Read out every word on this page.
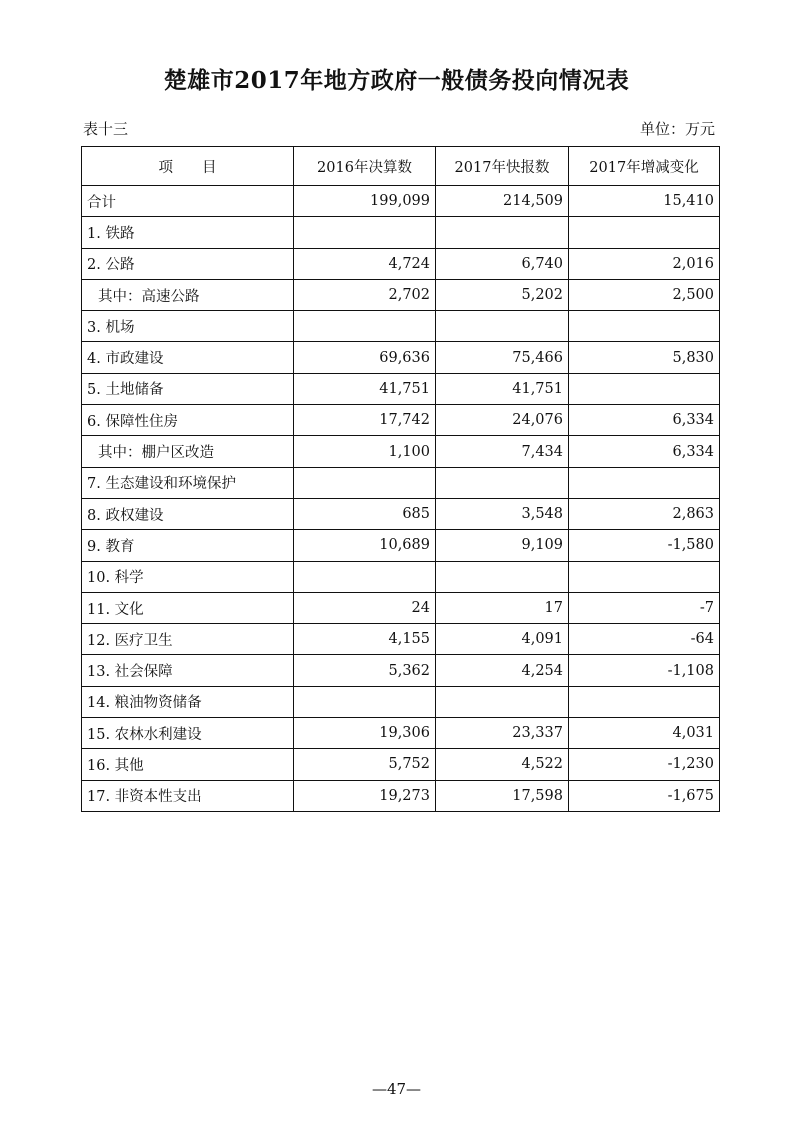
楚雄市2017年地方政府一般债务投向情况表
表十三	单位：万元
项　　目	2016年决算数	2017年快报数	2017年增减变化
合计	199,099	214,509	15,410
1. 铁路			
2. 公路	4,724	6,740	2,016
其中：高速公路	2,702	5,202	2,500
3. 机场			
4. 市政建设	69,636	75,466	5,830
5. 土地储备	41,751	41,751	
6. 保障性住房	17,742	24,076	6,334
其中：棚户区改造	1,100	7,434	6,334
7. 生态建设和环境保护			
8. 政权建设	685	3,548	2,863
9. 教育	10,689	9,109	-1,580
10. 科学			
11. 文化	24	17	-7
12. 医疗卫生	4,155	4,091	-64
13. 社会保障	5,362	4,254	-1,108
14. 粮油物资储备			
15. 农林水利建设	19,306	23,337	4,031
16. 其他	5,752	4,522	-1,230
17. 非资本性支出	19,273	17,598	-1,675
—47—
